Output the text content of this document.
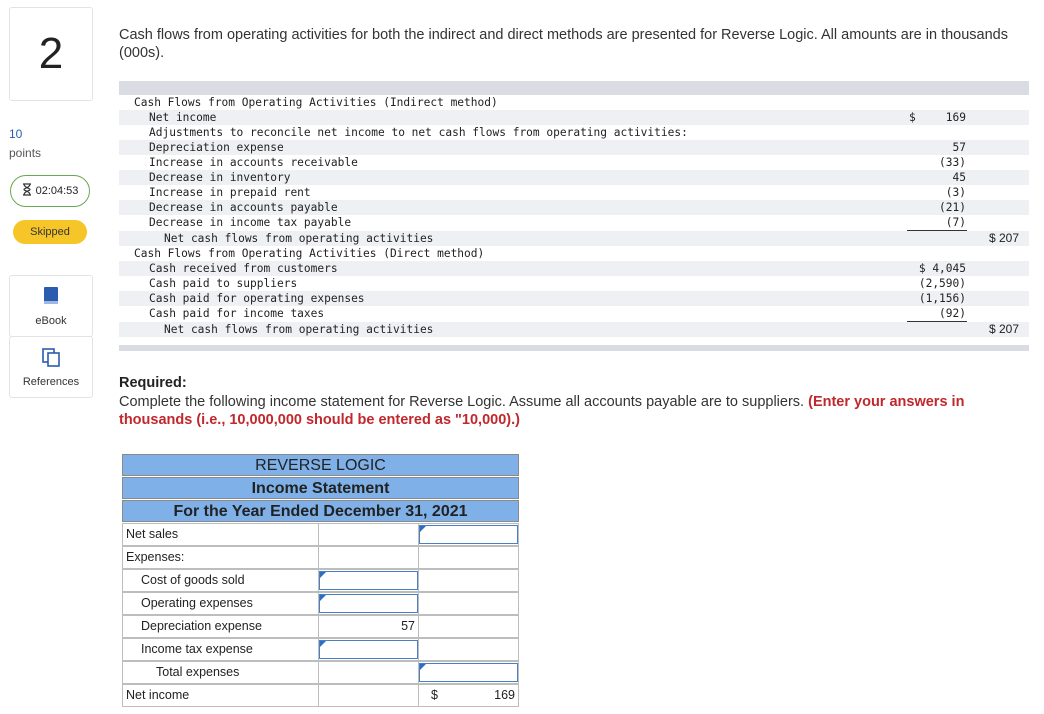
2
10
points
02:04:53
Skipped
eBook
References
Cash flows from operating activities for both the indirect and direct methods are presented for Reverse Logic. All amounts are in thousands (000s).
Cash Flows from Operating Activities (Indirect method)
Net income	$	169
Adjustments to reconcile net income to net cash flows from operating activities:
Depreciation expense	57
Increase in accounts receivable	(33)
Decrease in inventory	45
Increase in prepaid rent	(3)
Decrease in accounts payable	(21)
Decrease in income tax payable	(7)
Net cash flows from operating activities	$ 207
Cash Flows from Operating Activities (Direct method)
Cash received from customers	$ 4,045
Cash paid to suppliers	(2,590)
Cash paid for operating expenses	(1,156)
Cash paid for income taxes	(92)
Net cash flows from operating activities	$ 207
Required:
Complete the following income statement for Reverse Logic. Assume all accounts payable are to suppliers. (Enter your answers in thousands (i.e., 10,000,000 should be entered as "10,000).)
REVERSE LOGIC
Income Statement
For the Year Ended December 31, 2021
Net sales
Expenses:
Cost of goods sold
Operating expenses
Depreciation expense	57
Income tax expense
Total expenses
Net income	$	169
